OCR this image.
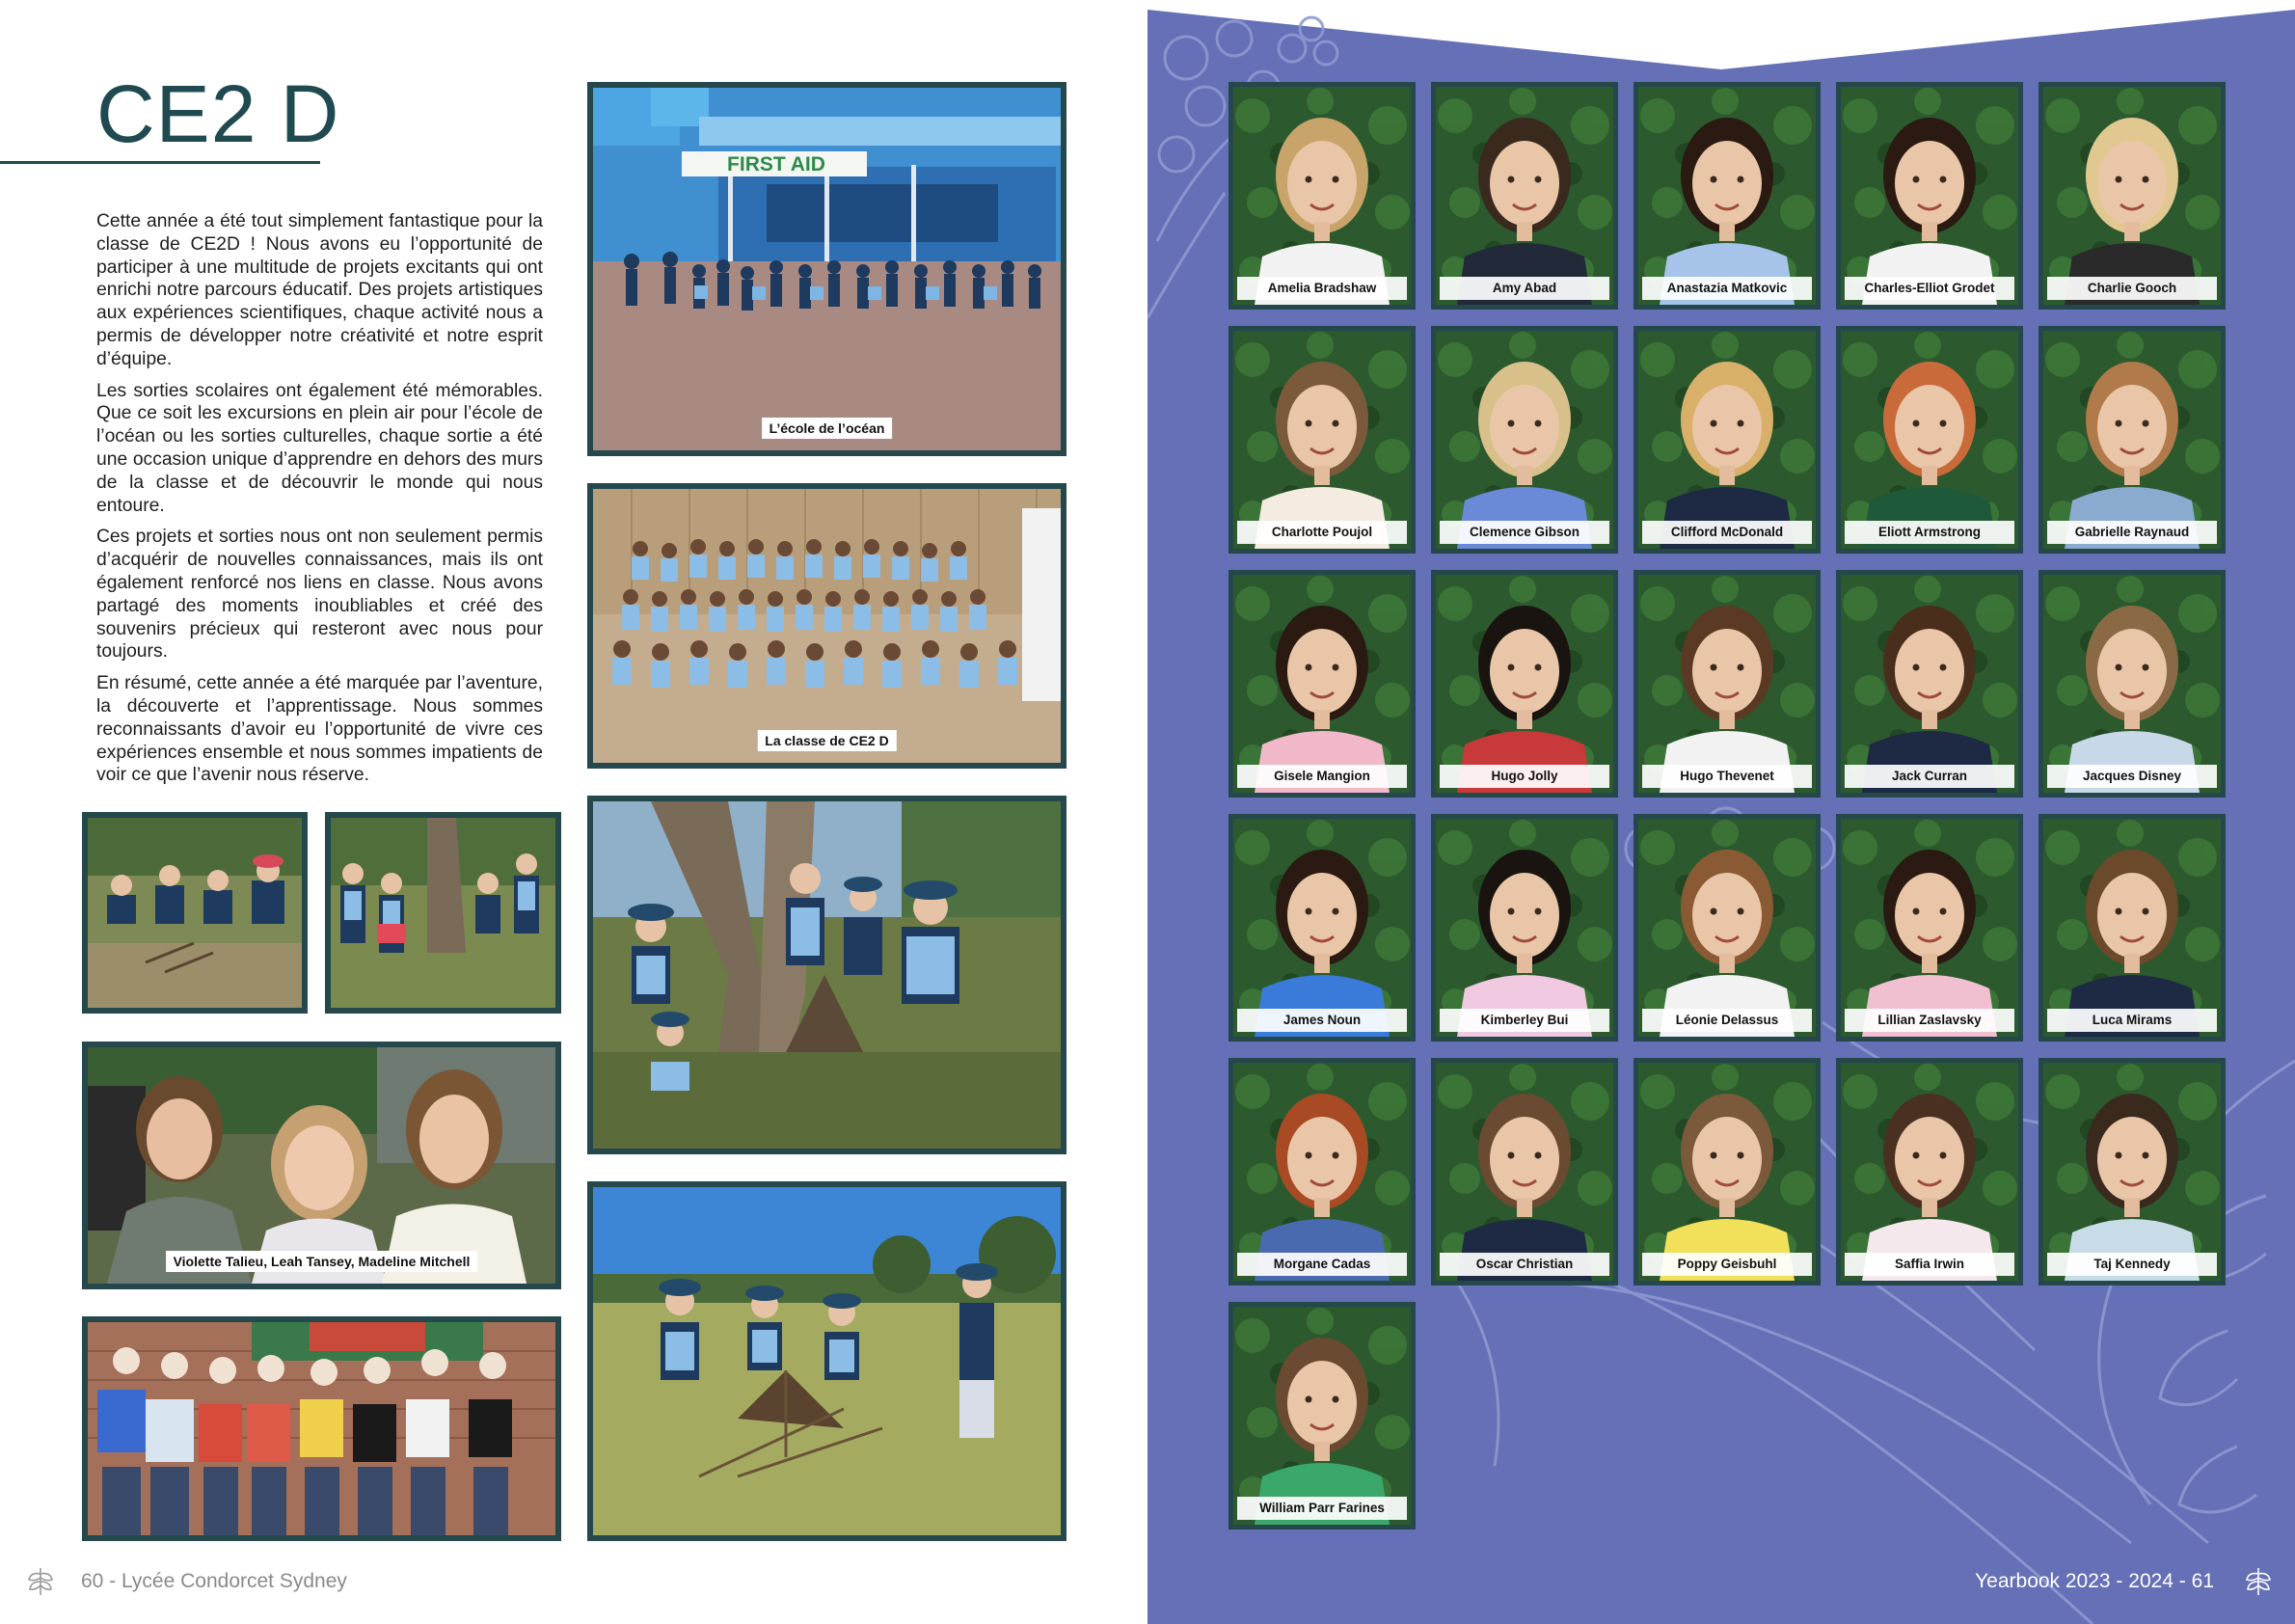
CE2 D

Cette année a été tout simplement fantastique pour la classe de CE2D ! Nous avons eu l’opportunité de participer à une multitude de projets excitants qui ont enrichi notre parcours éducatif. Des projets artistiques aux expériences scientifiques, chaque activité nous a permis de développer notre créativité et notre esprit d’équipe.

Les sorties scolaires ont également été mémorables. Que ce soit les excursions en plein air pour l’école de l’océan ou les sorties culturelles, chaque sortie a été une occasion unique d’apprendre en dehors des murs de la classe et de découvrir le monde qui nous entoure.

Ces projets et sorties nous ont non seulement permis d’acquérir de nouvelles connaissances, mais ils ont également renforcé nos liens en classe. Nous avons partagé des moments inoubliables et créé des souvenirs précieux qui resteront avec nous pour toujours.

En résumé, cette année a été marquée par l’aventure, la découverte et l’apprentissage. Nous sommes reconnaissants d’avoir eu l’opportunité de vivre ces expériences ensemble et nous sommes impatients de voir ce que l’avenir nous réserve.

FIRST AID
L’école de l’océan
La classe de CE2 D
Violette Talieu, Leah Tansey, Madeline Mitchell
60 - Lycée Condorcet Sydney
Amelia Bradshaw	Amy Abad	Anastazia Matkovic	Charles-Elliot Grodet	Charlie Gooch
Charlotte Poujol	Clemence Gibson	Clifford McDonald	Eliott Armstrong	Gabrielle Raynaud
Gisele Mangion	Hugo Jolly	Hugo Thevenet	Jack Curran	Jacques Disney
James Noun	Kimberley Bui	Léonie Delassus	Lillian Zaslavsky	Luca Mirams
Morgane Cadas	Oscar Christian	Poppy Geisbuhl	Saffia Irwin	Taj Kennedy
William Parr Farines
Yearbook 2023 - 2024 - 61
